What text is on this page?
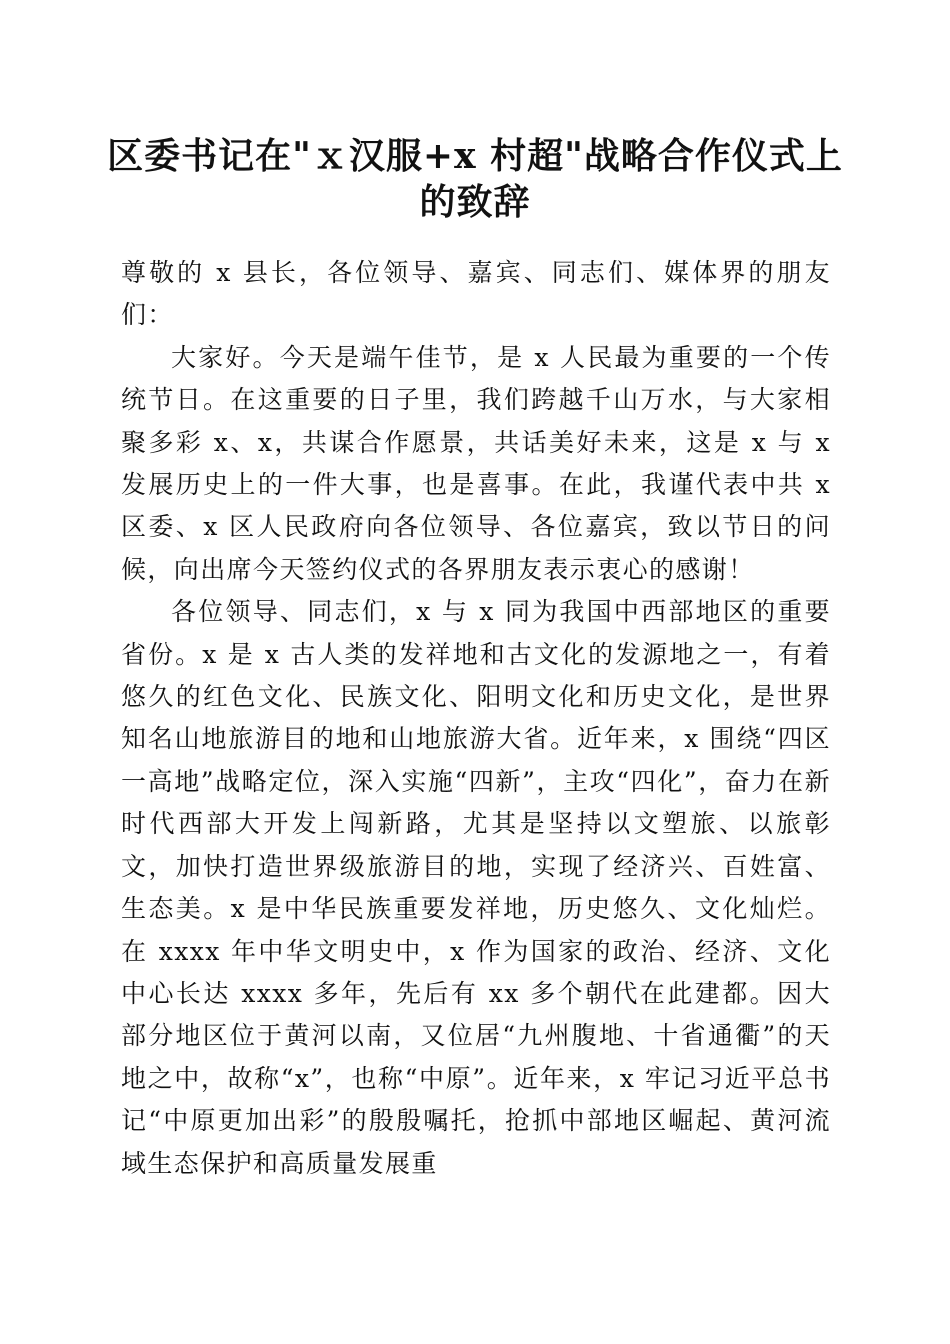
区委书记在"ｘ汉服+x 村超"战略合作仪式上的致辞

尊敬的 x 县长，各位领导、嘉宾、同志们、媒体界的朋友们：

大家好。今天是端午佳节，是 x 人民最为重要的一个传统节日。在这重要的日子里，我们跨越千山万水，与大家相聚多彩 x、x，共谋合作愿景，共话美好未来，这是 x 与 x 发展历史上的一件大事，也是喜事。在此，我谨代表中共 x 区委、x 区人民政府向各位领导、各位嘉宾，致以节日的问候，向出席今天签约仪式的各界朋友表示衷心的感谢！

各位领导、同志们，x 与 x 同为我国中西部地区的重要省份。x 是 x 古人类的发祥地和古文化的发源地之一，有着悠久的红色文化、民族文化、阳明文化和历史文化，是世界知名山地旅游目的地和山地旅游大省。近年来，x 围绕“四区一高地”战略定位，深入实施“四新”，主攻“四化”，奋力在新时代西部大开发上闯新路，尤其是坚持以文塑旅、以旅彰文，加快打造世界级旅游目的地，实现了经济兴、百姓富、生态美。x 是中华民族重要发祥地，历史悠久、文化灿烂。在 xxxx 年中华文明史中，x 作为国家的政治、经济、文化中心长达 xxxx 多年，先后有 xx 多个朝代在此建都。因大部分地区位于黄河以南，又位居“九州腹地、十省通衢”的天地之中，故称“x”，也称“中原”。近年来，x 牢记习近平总书记“中原更加出彩”的殷殷嘱托，抢抓中部地区崛起、黄河流域生态保护和高质量发展重
